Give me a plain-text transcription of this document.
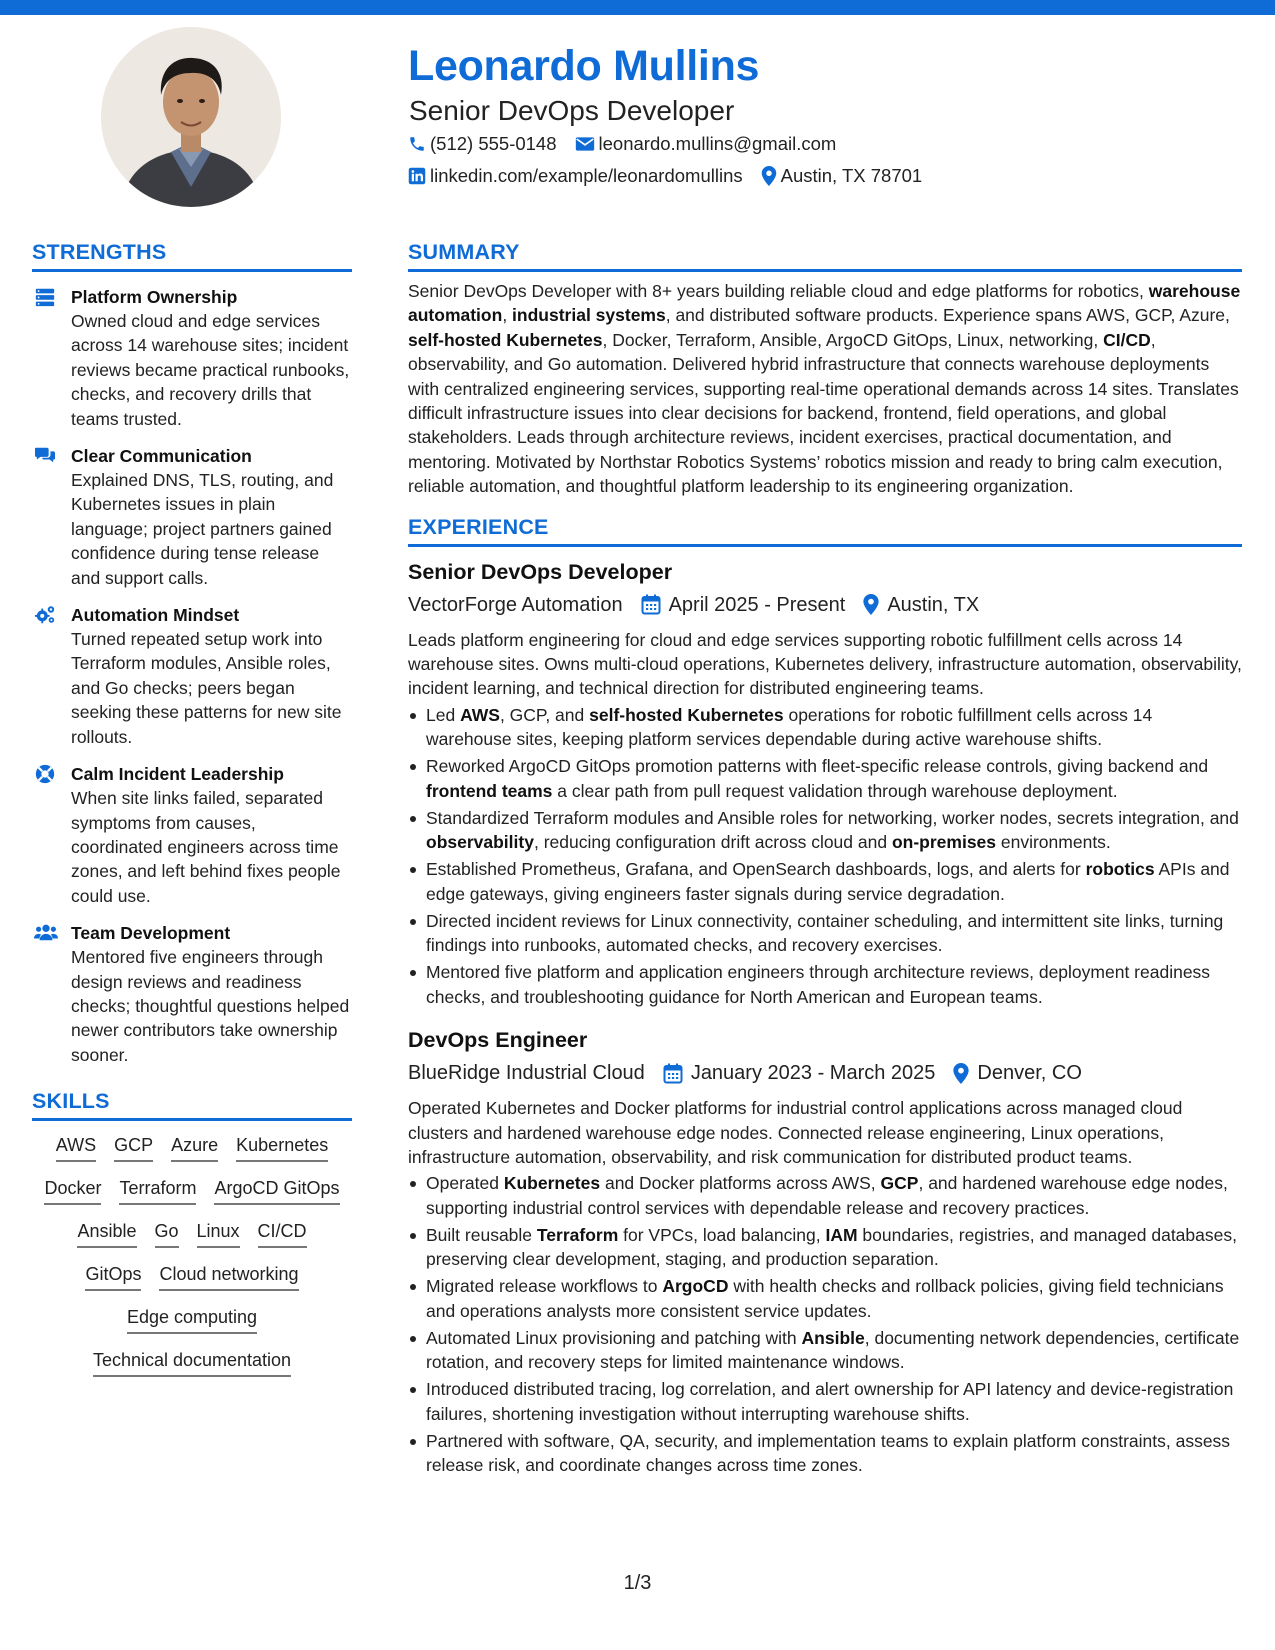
Leonardo Mullins
Senior DevOps Developer
(512) 555-0148 leonardo.mullins@gmail.com
linkedin.com/example/leonardomullins Austin, TX 78701
STRENGTHS
Platform Ownership
Owned cloud and edge services across 14 warehouse sites; incident reviews became practical runbooks, checks, and recovery drills that teams trusted.
Clear Communication
Explained DNS, TLS, routing, and Kubernetes issues in plain language; project partners gained confidence during tense release and support calls.
Automation Mindset
Turned repeated setup work into Terraform modules, Ansible roles, and Go checks; peers began seeking these patterns for new site rollouts.
Calm Incident Leadership
When site links failed, separated symptoms from causes, coordinated engineers across time zones, and left behind fixes people could use.
Team Development
Mentored five engineers through design reviews and readiness checks; thoughtful questions helped newer contributors take ownership sooner.
SKILLS
AWS GCP Azure Kubernetes
Docker Terraform ArgoCD GitOps
Ansible Go Linux CI/CD
GitOps Cloud networking
Edge computing
Technical documentation
SUMMARY
Senior DevOps Developer with 8+ years building reliable cloud and edge platforms for robotics, warehouse automation, industrial systems, and distributed software products. Experience spans AWS, GCP, Azure, self-hosted Kubernetes, Docker, Terraform, Ansible, ArgoCD GitOps, Linux, networking, CI/CD, observability, and Go automation. Delivered hybrid infrastructure that connects warehouse deployments with centralized engineering services, supporting real-time operational demands across 14 sites. Translates difficult infrastructure issues into clear decisions for backend, frontend, field operations, and global stakeholders. Leads through architecture reviews, incident exercises, practical documentation, and mentoring. Motivated by Northstar Robotics Systems’ robotics mission and ready to bring calm execution, reliable automation, and thoughtful platform leadership to its engineering organization.
EXPERIENCE
Senior DevOps Developer
VectorForge Automation April 2025 - Present Austin, TX
Leads platform engineering for cloud and edge services supporting robotic fulfillment cells across 14 warehouse sites. Owns multi-cloud operations, Kubernetes delivery, infrastructure automation, observability, incident learning, and technical direction for distributed engineering teams.
Led AWS, GCP, and self-hosted Kubernetes operations for robotic fulfillment cells across 14 warehouse sites, keeping platform services dependable during active warehouse shifts.
Reworked ArgoCD GitOps promotion patterns with fleet-specific release controls, giving backend and frontend teams a clear path from pull request validation through warehouse deployment.
Standardized Terraform modules and Ansible roles for networking, worker nodes, secrets integration, and observability, reducing configuration drift across cloud and on-premises environments.
Established Prometheus, Grafana, and OpenSearch dashboards, logs, and alerts for robotics APIs and edge gateways, giving engineers faster signals during service degradation.
Directed incident reviews for Linux connectivity, container scheduling, and intermittent site links, turning findings into runbooks, automated checks, and recovery exercises.
Mentored five platform and application engineers through architecture reviews, deployment readiness checks, and troubleshooting guidance for North American and European teams.
DevOps Engineer
BlueRidge Industrial Cloud January 2023 - March 2025 Denver, CO
Operated Kubernetes and Docker platforms for industrial control applications across managed cloud clusters and hardened warehouse edge nodes. Connected release engineering, Linux operations, infrastructure automation, observability, and risk communication for distributed product teams.
Operated Kubernetes and Docker platforms across AWS, GCP, and hardened warehouse edge nodes, supporting industrial control services with dependable release and recovery practices.
Built reusable Terraform for VPCs, load balancing, IAM boundaries, registries, and managed databases, preserving clear development, staging, and production separation.
Migrated release workflows to ArgoCD with health checks and rollback policies, giving field technicians and operations analysts more consistent service updates.
Automated Linux provisioning and patching with Ansible, documenting network dependencies, certificate rotation, and recovery steps for limited maintenance windows.
Introduced distributed tracing, log correlation, and alert ownership for API latency and device-registration failures, shortening investigation without interrupting warehouse shifts.
Partnered with software, QA, security, and implementation teams to explain platform constraints, assess release risk, and coordinate changes across time zones.
1/3
